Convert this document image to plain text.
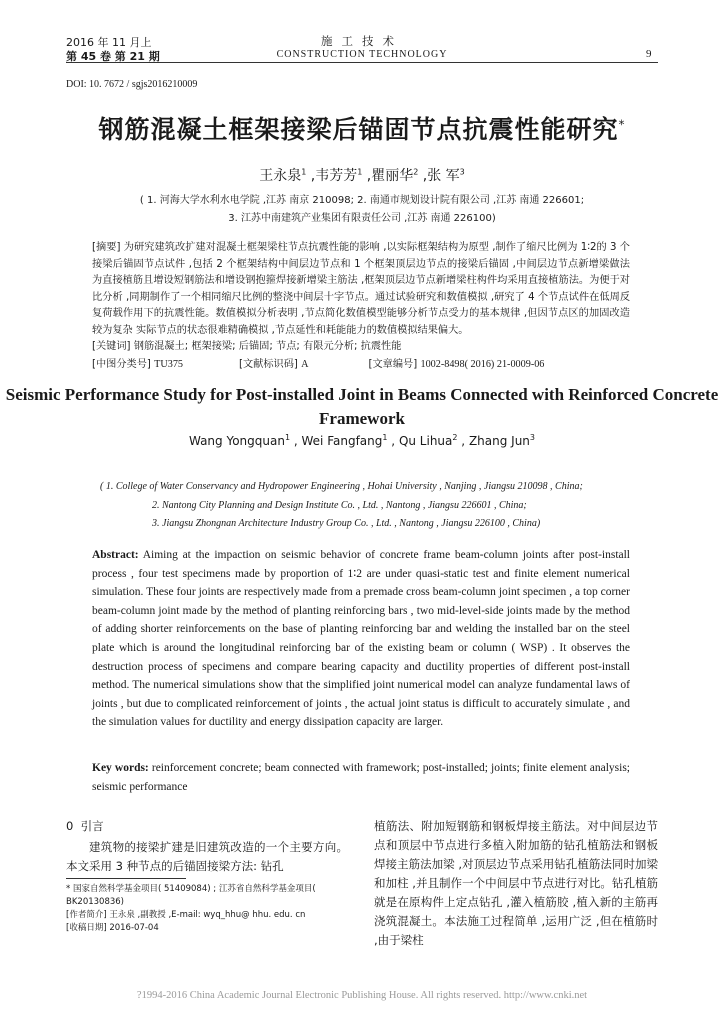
2016 年 11 月上
第 45 卷 第 21 期
施工技术
CONSTRUCTION TECHNOLOGY	9
DOI: 10. 7672 / sgjs2016210009
钢筋混凝土框架接梁后锚固节点抗震性能研究*
王永泉$^1$ ,韦芳芳$^1$ ,瞿丽华$^2$ ,张 军$^3$
( 1. 河海大学水利水电学院 ,江苏 南京 210098; 2. 南通市规划设计院有限公司 ,江苏 南通 226601;
3. 江苏中南建筑产业集团有限责任公司 ,江苏 南通 226100)
[摘要] 为研究建筑改扩建对混凝土框架梁柱节点抗震性能的影响 ,以实际框架结构为原型 ,制作了缩尺比例为 1∶2的 3 个接梁后锚固节点试件 ,包括 2 个框架结构中间层边节点和 1 个框架顶层边节点的接梁后锚固 ,中间层边节点新增梁做法为直接植筋且增设短钢筋法和增设钢抱箍焊接新增梁主筋法 ,框架顶层边节点新增梁柱构件均采用直接植筋法。为便于对比分析 ,同期制作了一个相同缩尺比例的整浇中间层十字节点。通过试验研究和数值模拟 ,研究了 4 个节点试件在低周反复荷载作用下的抗震性能。数值模拟分析表明 ,节点简化数值模型能够分析节点受力的基本规律 ,但因节点区的加固改造较为复杂 实际节点的状态很难精确模拟 ,节点延性和耗能能力的数值模拟结果偏大。
[关键词] 钢筋混凝土; 框架接梁; 后锚固; 节点; 有限元分析; 抗震性能
[中图分类号] TU375	[文献标识码] A	[文章编号] 1002-8498( 2016) 21-0009-06
Seismic Performance Study for Post-installed Joint in Beams Connected with Reinforced Concrete Framework
Wang Yongquan$^1$ , Wei Fangfang$^1$ , Qu Lihua$^2$ , Zhang Jun$^3$
( 1. College of Water Conservancy and Hydropower Engineering , Hohai University , Nanjing , Jiangsu 210098 , China;
2. Nantong City Planning and Design Institute Co. , Ltd. , Nantong , Jiangsu 226601 , China;
3. Jiangsu Zhongnan Architecture Industry Group Co. , Ltd. , Nantong , Jiangsu 226100 , China)
Abstract: Aiming at the impaction on seismic behavior of concrete frame beam-column joints after post-install process , four test specimens made by proportion of 1∶2 are under quasi-static test and finite element numerical simulation. These four joints are respectively made from a premade cross beam-column joint specimen , a top corner beam-column joint made by the method of planting reinforcing bars , two mid-level-side joints made by the method of adding shorter reinforcements on the base of planting reinforcing bar and welding the installed bar on the steel plate which is around the longitudinal reinforcing bar of the existing beam or column ( WSP) . It observes the destruction process of specimens and compare bearing capacity and ductility properties of different post-install method. The numerical simulations show that the simplified joint numerical model can analyze fundamental laws of joints , but due to complicated reinforcement of joints , the actual joint status is difficult to accurately simulate , and the simulation values for ductility and energy dissipation capacity are larger.
Key words: reinforcement concrete; beam connected with framework; post-installed; joints; finite element analysis; seismic performance
0 引言
建筑物的接梁扩建是旧建筑改造的一个主要方向。本文采用 3 种节点的后锚固接梁方法: 钻孔
* 国家自然科学基金项目( 51409084) ; 江苏省自然科学基金项目( BK20130836)
[作者简介] 王永泉 ,副教授 ,E-mail: wyq_hhu@ hhu. edu. cn
[收稿日期] 2016-07-04
植筋法、附加短钢筋和钢板焊接主筋法。对中间层边节点和顶层中节点进行多植入附加筋的钻孔植筋法和钢板焊接主筋法加梁 ,对顶层边节点采用钻孔植筋法同时加梁和加柱 ,并且制作一个中间层中节点进行对比。钻孔植筋就是在原构件上定点钻孔 ,灌入植筋胶 ,植入新的主筋再浇筑混凝土。本法施工过程简单 ,运用广泛 ,但在植筋时 ,由于梁柱
?1994-2016 China Academic Journal Electronic Publishing House. All rights reserved. http://www.cnki.net
